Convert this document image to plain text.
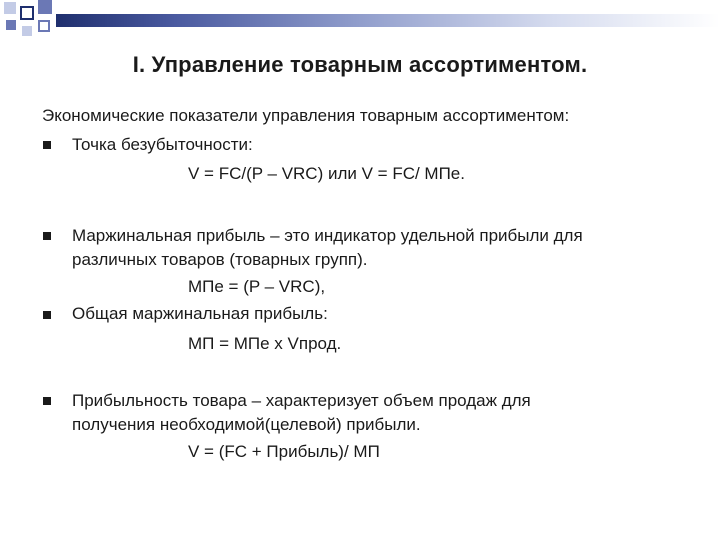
I. Управление товарным ассортиментом.
Экономические показатели управления товарным ассортиментом:
Точка безубыточности:
V = FC/(P – VRC) или V = FC/ МПе.
Маржинальная прибыль – это индикатор удельной прибыли для
различных товаров (товарных групп).
МПе = (P – VRC),
Общая маржинальная прибыль:
МП = МПе х Vпрод.
Прибыльность товара – характеризует объем продаж для
получения необходимой(целевой) прибыли.
V = (FC + Прибыль)/ МП
